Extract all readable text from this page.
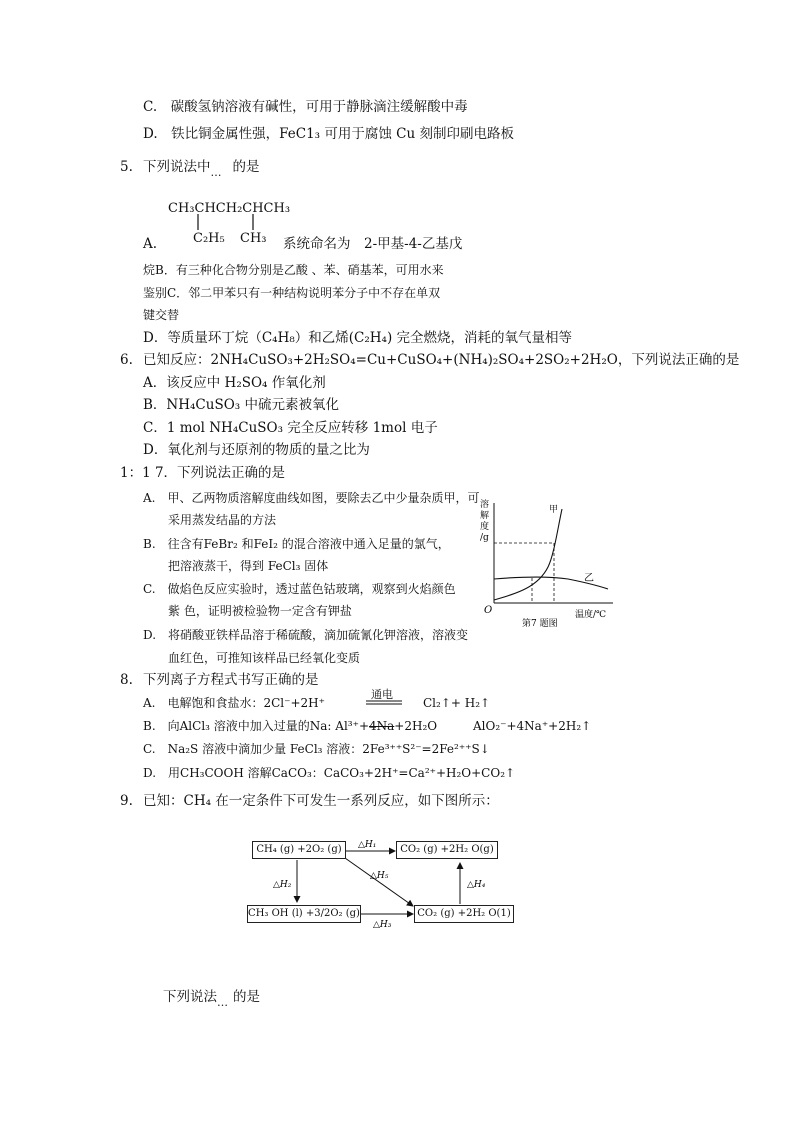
C.　碳酸氢钠溶液有碱性，可用于静脉滴注缓解酸中毒
D.　铁比铜金属性强，FeC1₃ 可用于腐蚀 Cu 刻制印刷电路板
5. 下列说法中 的是
CH₃CHCH₂CHCH₃
C₂H₅ CH₃
A.	系统命名为　2-甲基-4-乙基戊
烷B．有三种化合物分别是乙酸 、苯、硝基苯，可用水来
鉴别C．邻二甲苯只有一种结构说明苯分子中不存在单双
键交替
D．等质量环丁烷（C₄H₈）和乙烯(C₂H₄) 完全燃烧，消耗的氧气量相等
6. 已知反应：2NH₄CuSO₃+2H₂SO₄=Cu+CuSO₄+(NH₄)₂SO₄+2SO₂+2H₂O，下列说法正确的是
A．该反应中 H₂SO₄ 作氧化剂
B．NH₄CuSO₃ 中硫元素被氧化
C．1 mol NH₄CuSO₃ 完全反应转移 1mol 电子
D．氧化剂与还原剂的物质的量之比为
1：1 7．下列说法正确的是
A.　甲、乙两物质溶解度曲线如图，要除去乙中少量杂质甲，可
采用蒸发结晶的方法
B.　往含有FeBr₂ 和FeI₂ 的混合溶液中通入足量的氯气，
把溶液蒸干，得到 FeCl₃ 固体
C.　做焰色反应实验时，透过蓝色钴玻璃，观察到火焰颜色
紫 色，证明被检验物一定含有钾盐
D.　将硝酸亚铁样品溶于稀硫酸，滴加硫氰化钾溶液，溶液变
血红色，可推知该样品已经氧化变质
溶解度/g
甲
乙
O	温度/℃
第7 题图
8. 下列离子方程式书写正确的是
A.　电解饱和食盐水：2Cl⁻+2H⁺
通电
Cl₂↑+ H₂↑
B.　向AlCl₃ 溶液中加入过量的Na: Al³⁺+4Na+2H₂O	AlO₂⁻+4Na⁺+2H₂↑
C.　Na₂S 溶液中滴加少量 FeCl₃ 溶液：2Fe³⁺⁺S²⁻=2Fe²⁺⁺S↓
D.　用CH₃COOH 溶解CaCO₃：CaCO₃+2H⁺=Ca²⁺+H₂O+CO₂↑
9. 已知：CH₄ 在一定条件下可发生一系列反应，如下图所示：
△H₁
△H₂
△H₅
△H₃
△H₄
CH₄ (g) +2O₂ (g)	CO₂ (g) +2H₂ O(g)
CH₃ OH (l) +3/2O₂ (g)	CO₂ (g) +2H₂ O(1)
下列说法 的是
